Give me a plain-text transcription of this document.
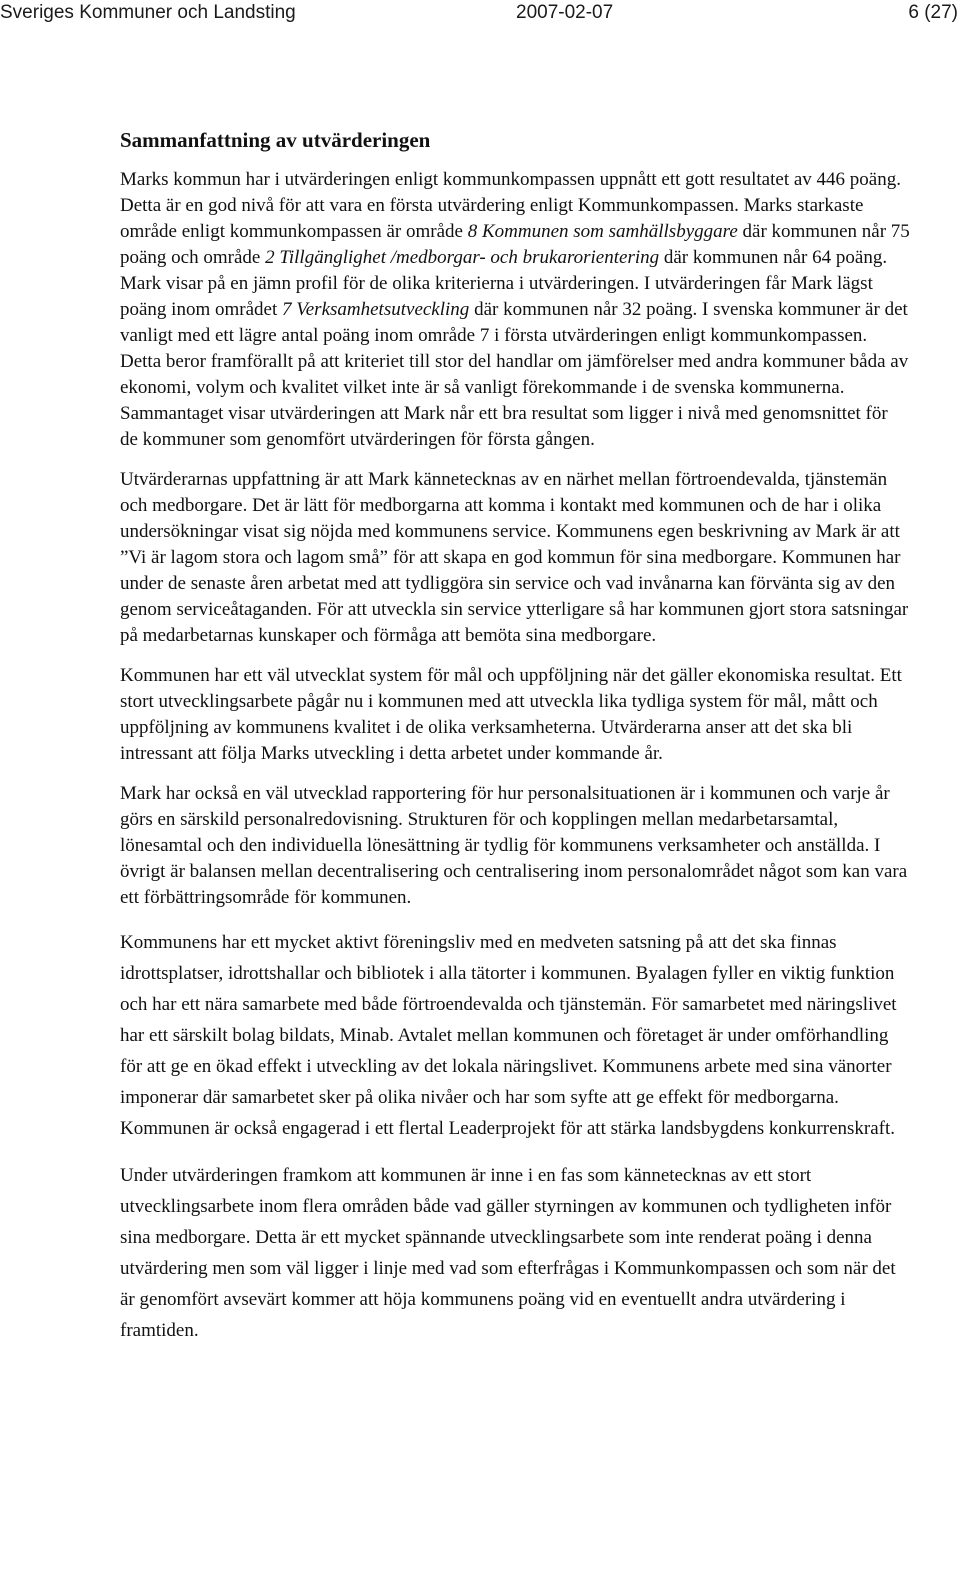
Sveriges Kommuner och Landsting	2007-02-07	6 (27)
Sammanfattning av utvärderingen

Marks kommun har i utvärderingen enligt kommunkompassen uppnått ett gott resultatet av 446 poäng. Detta är en god nivå för att vara en första utvärdering enligt Kommunkompassen. Marks starkaste område enligt kommunkompassen är område 8 Kommunen som samhällsbyggare där kommunen når 75 poäng och område 2 Tillgänglighet /medborgar- och brukarorientering där kommunen når 64 poäng. Mark visar på en jämn profil för de olika kriterierna i utvärderingen. I utvärderingen får Mark lägst poäng inom området 7 Verksamhetsutveckling där kommunen når 32 poäng. I svenska kommuner är det vanligt med ett lägre antal poäng inom område 7 i första utvärderingen enligt kommunkompassen. Detta beror framförallt på att kriteriet till stor del handlar om jämförelser med andra kommuner båda av ekonomi, volym och kvalitet vilket inte är så vanligt förekommande i de svenska kommunerna. Sammantaget visar utvärderingen att Mark når ett bra resultat som ligger i nivå med genomsnittet för de kommuner som genomfört utvärderingen för första gången.

Utvärderarnas uppfattning är att Mark kännetecknas av en närhet mellan förtroendevalda, tjänstemän och medborgare. Det är lätt för medborgarna att komma i kontakt med kommunen och de har i olika undersökningar visat sig nöjda med kommunens service. Kommunens egen beskrivning av Mark är att ”Vi är lagom stora och lagom små” för att skapa en god kommun för sina medborgare. Kommunen har under de senaste åren arbetat med att tydliggöra sin service och vad invånarna kan förvänta sig av den genom serviceåtaganden. För att utveckla sin service ytterligare så har kommunen gjort stora satsningar på medarbetarnas kunskaper och förmåga att bemöta sina medborgare.

Kommunen har ett väl utvecklat system för mål och uppföljning när det gäller ekonomiska resultat. Ett stort utvecklingsarbete pågår nu i kommunen med att utveckla lika tydliga system för mål, mått och uppföljning av kommunens kvalitet i de olika verksamheterna. Utvärderarna anser att det ska bli intressant att följa Marks utveckling i detta arbetet under kommande år.

Mark har också en väl utvecklad rapportering för hur personalsituationen är i kommunen och varje år görs en särskild personalredovisning. Strukturen för och kopplingen mellan medarbetarsamtal, lönesamtal och den individuella lönesättning är tydlig för kommunens verksamheter och anställda. I övrigt är balansen mellan decentralisering och centralisering inom personalområdet något som kan vara ett förbättringsområde för kommunen.

Kommunens har ett mycket aktivt föreningsliv med en medveten satsning på att det ska finnas idrottsplatser, idrottshallar och bibliotek i alla tätorter i kommunen. Byalagen fyller en viktig funktion och har ett nära samarbete med både förtroendevalda och tjänstemän. För samarbetet med näringslivet har ett särskilt bolag bildats, Minab. Avtalet mellan kommunen och företaget är under omförhandling för att ge en ökad effekt i utveckling av det lokala näringslivet. Kommunens arbete med sina vänorter imponerar där samarbetet sker på olika nivåer och har som syfte att ge effekt för medborgarna. Kommunen är också engagerad i ett flertal Leaderprojekt för att stärka landsbygdens konkurrenskraft.

Under utvärderingen framkom att kommunen är inne i en fas som kännetecknas av ett stort utvecklingsarbete inom flera områden både vad gäller styrningen av kommunen och tydligheten inför sina medborgare. Detta är ett mycket spännande utvecklingsarbete som inte renderat poäng i denna utvärdering men som väl ligger i linje med vad som efterfrågas i Kommunkompassen och som när det är genomfört avsevärt kommer att höja kommunens poäng vid en eventuellt andra utvärdering i framtiden.
